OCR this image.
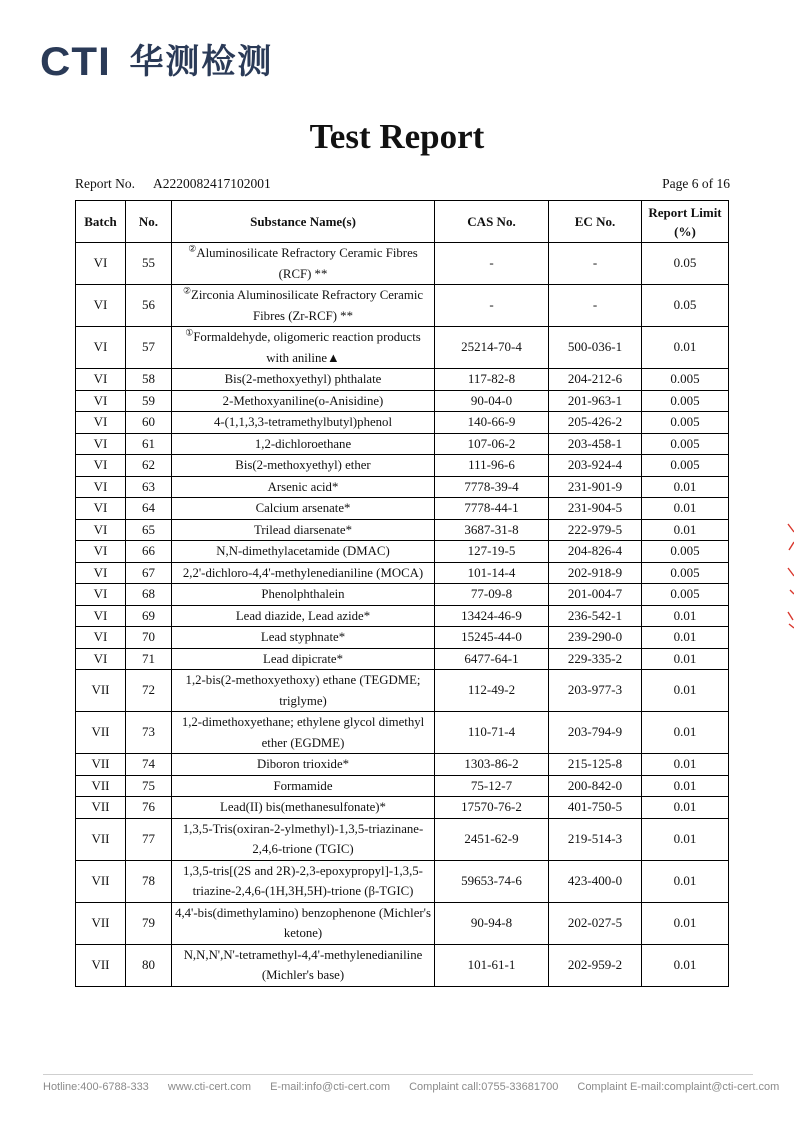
CTI 华测检测
Test Report
Report No. A2220082417102001	Page 6 of 16
Batch	No.	Substance Name(s)	CAS No.	EC No.	Report Limit (%)
VI	55	②Aluminosilicate Refractory Ceramic Fibres (RCF) **	-	-	0.05
VI	56	②Zirconia Aluminosilicate Refractory Ceramic Fibres (Zr-RCF) **	-	-	0.05
VI	57	①Formaldehyde, oligomeric reaction products with aniline▲	25214-70-4	500-036-1	0.01
VI	58	Bis(2-methoxyethyl) phthalate	117-82-8	204-212-6	0.005
VI	59	2-Methoxyaniline(o-Anisidine)	90-04-0	201-963-1	0.005
VI	60	4-(1,1,3,3-tetramethylbutyl)phenol	140-66-9	205-426-2	0.005
VI	61	1,2-dichloroethane	107-06-2	203-458-1	0.005
VI	62	Bis(2-methoxyethyl) ether	111-96-6	203-924-4	0.005
VI	63	Arsenic acid*	7778-39-4	231-901-9	0.01
VI	64	Calcium arsenate*	7778-44-1	231-904-5	0.01
VI	65	Trilead diarsenate*	3687-31-8	222-979-5	0.01
VI	66	N,N-dimethylacetamide (DMAC)	127-19-5	204-826-4	0.005
VI	67	2,2'-dichloro-4,4'-methylenedianiline (MOCA)	101-14-4	202-918-9	0.005
VI	68	Phenolphthalein	77-09-8	201-004-7	0.005
VI	69	Lead diazide, Lead azide*	13424-46-9	236-542-1	0.01
VI	70	Lead styphnate*	15245-44-0	239-290-0	0.01
VI	71	Lead dipicrate*	6477-64-1	229-335-2	0.01
VII	72	1,2-bis(2-methoxyethoxy) ethane (TEGDME; triglyme)	112-49-2	203-977-3	0.01
VII	73	1,2-dimethoxyethane; ethylene glycol dimethyl ether (EGDME)	110-71-4	203-794-9	0.01
VII	74	Diboron trioxide*	1303-86-2	215-125-8	0.01
VII	75	Formamide	75-12-7	200-842-0	0.01
VII	76	Lead(II) bis(methanesulfonate)*	17570-76-2	401-750-5	0.01
VII	77	1,3,5-Tris(oxiran-2-ylmethyl)-1,3,5-triazinane-2,4,6-trione (TGIC)	2451-62-9	219-514-3	0.01
VII	78	1,3,5-tris[(2S and 2R)-2,3-epoxypropyl]-1,3,5-triazine-2,4,6-(1H,3H,5H)-trione (β-TGIC)	59653-74-6	423-400-0	0.01
VII	79	4,4'-bis(dimethylamino) benzophenone (Michler's ketone)	90-94-8	202-027-5	0.01
VII	80	N,N,N',N'-tetramethyl-4,4'-methylenedianiline (Michler's base)	101-61-1	202-959-2	0.01
Hotline:400-6788-333 www.cti-cert.com E-mail:info@cti-cert.com Complaint call:0755-33681700 Complaint E-mail:complaint@cti-cert.com
